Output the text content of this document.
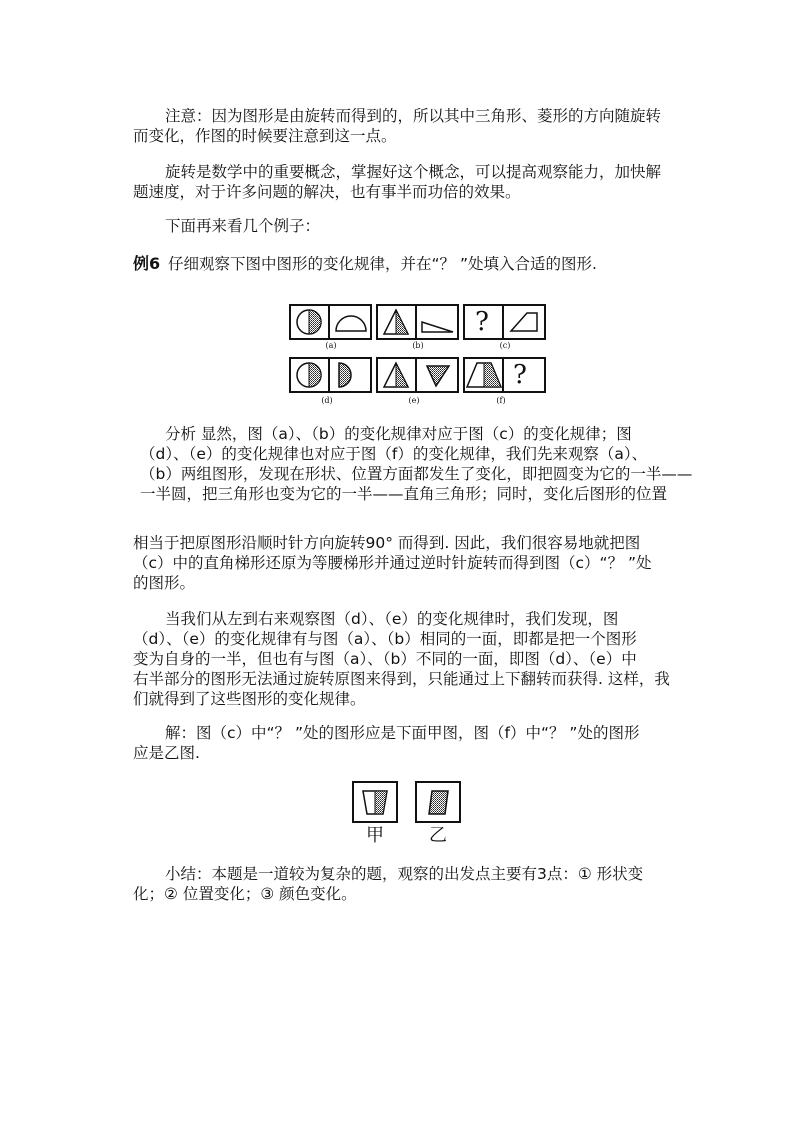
注意：因为图形是由旋转而得到的，所以其中三角形、菱形的方向随旋转
而变化，作图的时候要注意到这一点。
旋转是数学中的重要概念，掌握好这个概念，可以提高观察能力，加快解
题速度，对于许多问题的解决，也有事半而功倍的效果。
下面再来看几个例子：
例6 仔细观察下图中图形的变化规律，并在“？ ”处填入合适的图形.
(a)	(b)
?
(c)
(d)	(e)
?
(f)
分析 显然，图（a）、（b）的变化规律对应于图（c）的变化规律；图
（d）、（e）的变化规律也对应于图（f）的变化规律，我们先来观察（a）、
（b）两组图形，发现在形状、位置方面都发生了变化，即把圆变为它的一半——
一半圆，把三角形也变为它的一半——直角三角形；同时，变化后图形的位置
相当于把原图形沿顺时针方向旋转90° 而得到. 因此，我们很容易地就把图
（c）中的直角梯形还原为等腰梯形并通过逆时针旋转而得到图（c）“？ ”处
的图形。
当我们从左到右来观察图（d）、（e）的变化规律时，我们发现，图
（d）、（e）的变化规律有与图（a）、（b）相同的一面，即都是把一个图形
变为自身的一半，但也有与图（a）、（b）不同的一面，即图（d）、（e）中
右半部分的图形无法通过旋转原图来得到，只能通过上下翻转而获得. 这样，我
们就得到了这些图形的变化规律。
解：图（c）中“？ ”处的图形应是下面甲图，图（f）中“？ ”处的图形
应是乙图.
甲	乙
小结：本题是一道较为复杂的题，观察的出发点主要有3点：① 形状变
化；② 位置变化；③ 颜色变化。
